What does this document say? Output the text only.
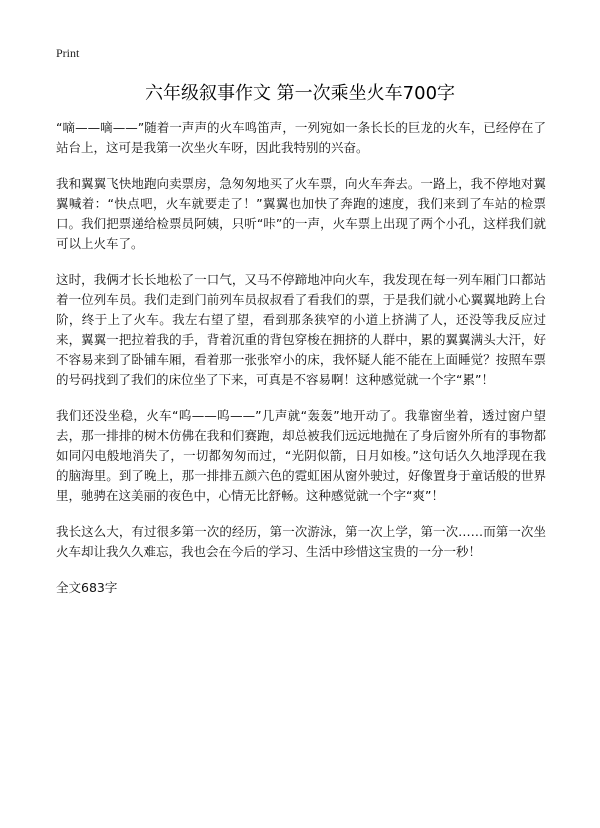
Print
六年级叙事作文 第一次乘坐火车700字

“嘀——嘀——”随着一声声的火车鸣笛声，一列宛如一条长长的巨龙的火车，已经停在了站台上，这可是我第一次坐火车呀，因此我特别的兴奋。

我和翼翼飞快地跑向卖票房，急匆匆地买了火车票，向火车奔去。一路上，我不停地对翼翼喊着：“快点吧，火车就要走了！”翼翼也加快了奔跑的速度，我们来到了车站的检票口。我们把票递给检票员阿姨，只听“咔”的一声，火车票上出现了两个小孔，这样我们就可以上火车了。

这时，我俩才长长地松了一口气，又马不停蹄地冲向火车，我发现在每一列车厢门口都站着一位列车员。我们走到门前列车员叔叔看了看我们的票，于是我们就小心翼翼地跨上台阶，终于上了火车。我左右望了望，看到那条狭窄的小道上挤满了人，还没等我反应过来，翼翼一把拉着我的手，背着沉重的背包穿梭在拥挤的人群中，累的翼翼满头大汗，好不容易来到了卧铺车厢，看着那一张张窄小的床，我怀疑人能不能在上面睡觉？按照车票的号码找到了我们的床位坐了下来，可真是不容易啊！这种感觉就一个字“累”！

我们还没坐稳，火车“呜——呜——”几声就“轰轰”地开动了。我靠窗坐着，透过窗户望去，那一排排的树木仿佛在我和们赛跑，却总被我们远远地抛在了身后窗外所有的事物都如同闪电般地消失了，一切都匆匆而过，“光阴似箭，日月如梭。”这句话久久地浮现在我的脑海里。到了晚上，那一排排五颜六色的霓虹困从窗外驶过，好像置身于童话般的世界里，驰骋在这美丽的夜色中，心情无比舒畅。这种感觉就一个字“爽”！

我长这么大，有过很多第一次的经历，第一次游泳，第一次上学，第一次……而第一次坐火车却让我久久难忘，我也会在今后的学习、生活中珍惜这宝贵的一分一秒！

全文683字
